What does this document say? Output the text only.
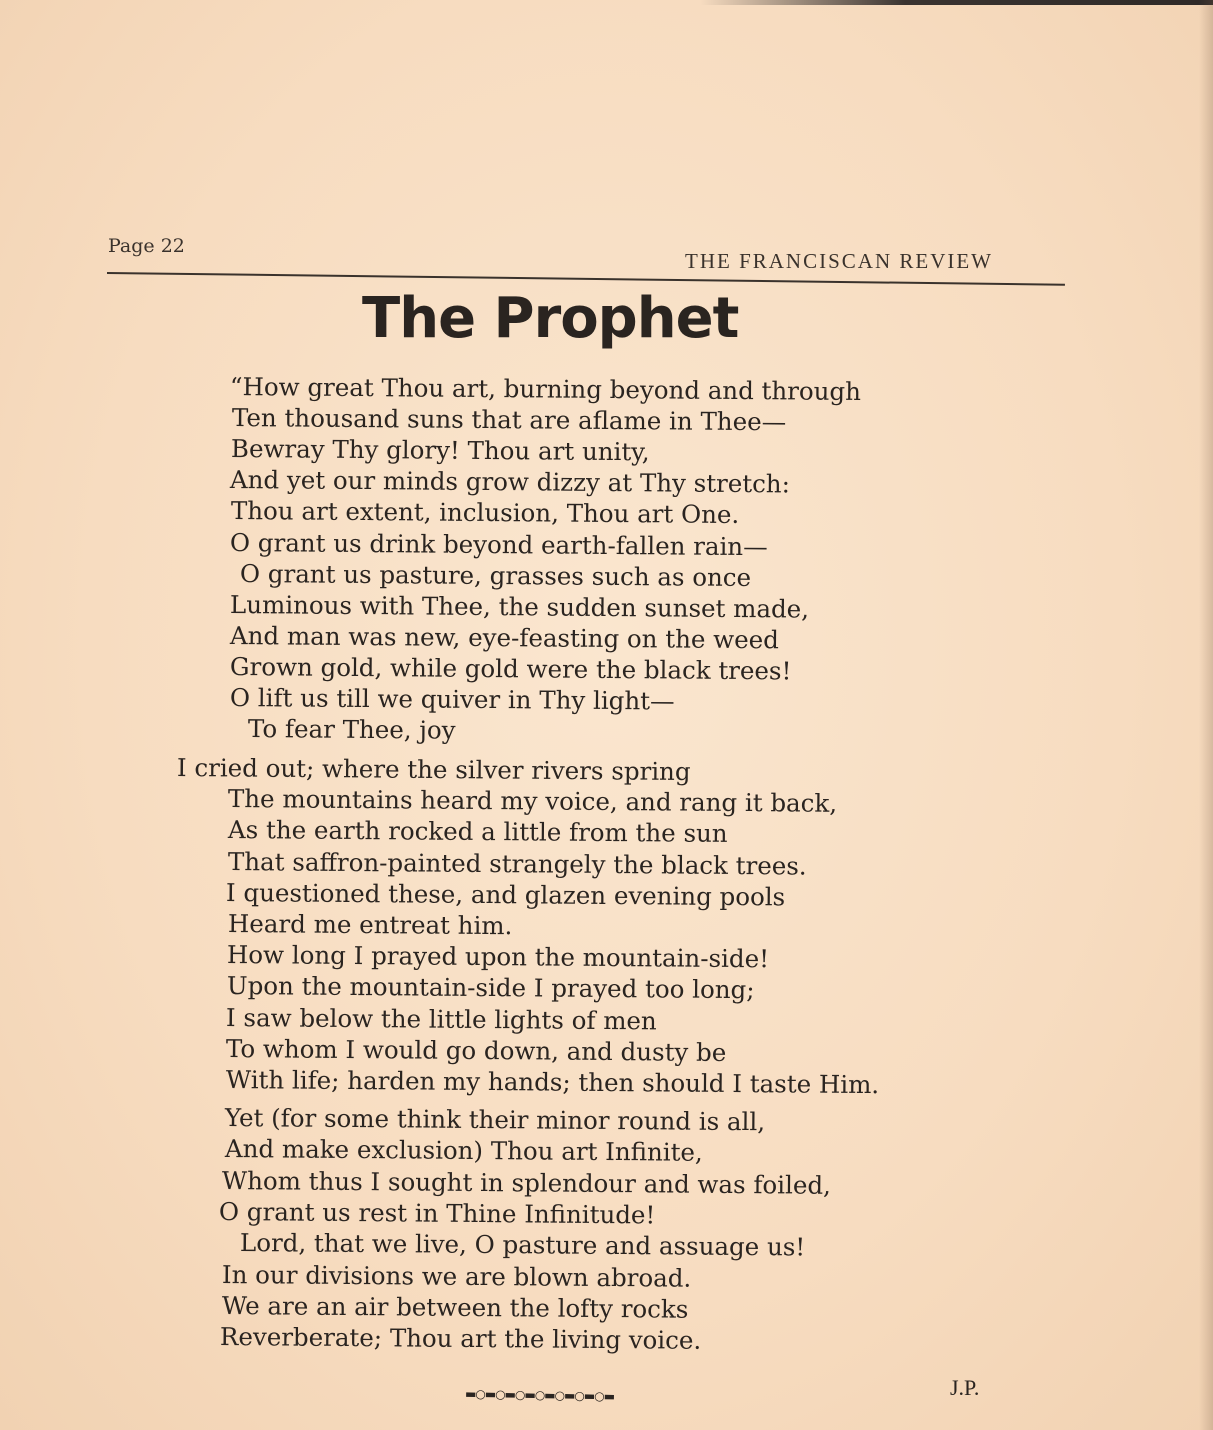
Page 22
THE FRANCISCAN REVIEW
The Prophet
“How great Thou art, burning beyond and through
Ten thousand suns that are aflame in Thee—
Bewray Thy glory! Thou art unity,
And yet our minds grow dizzy at Thy stretch:
Thou art extent, inclusion, Thou art One.
O grant us drink beyond earth-fallen rain—
O grant us pasture, grasses such as once
Luminous with Thee, the sudden sunset made,
And man was new, eye-feasting on the weed
Grown gold, while gold were the black trees!
O lift us till we quiver in Thy light—
To fear Thee, joy
I cried out; where the silver rivers spring
The mountains heard my voice, and rang it back,
As the earth rocked a little from the sun
That saffron-painted strangely the black trees.
I questioned these, and glazen evening pools
Heard me entreat him.
How long I prayed upon the mountain-side!
Upon the mountain-side I prayed too long;
I saw below the little lights of men
To whom I would go down, and dusty be
With life; harden my hands; then should I taste Him.
Yet (for some think their minor round is all,
And make exclusion) Thou art Infinite,
Whom thus I sought in splendour and was foiled,
O grant us rest in Thine Infinitude!
Lord, that we live, O pasture and assuage us!
In our divisions we are blown abroad.
We are an air between the lofty rocks
Reverberate; Thou art the living voice.
▬○▬○▬○▬○▬○▬○▬○▬	J.P.
